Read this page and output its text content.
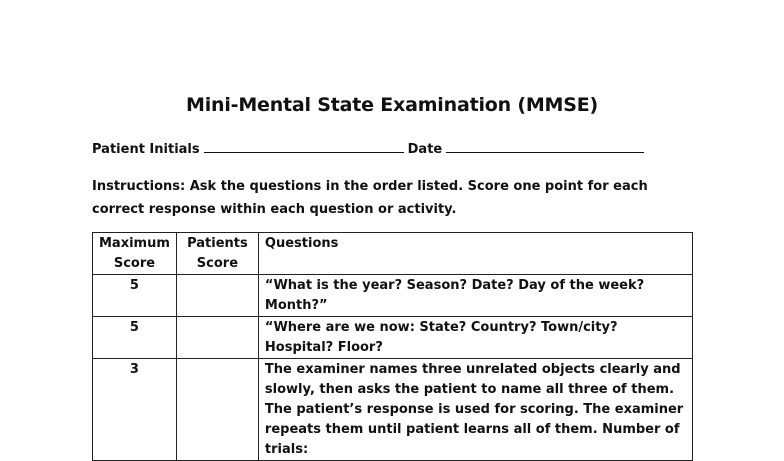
Mini-Mental State Examination (MMSE)
Patient Initials	Date
Instructions: Ask the questions in the order listed. Score one point for each correct response within each question or activity.
Maximum Score	Patients Score	Questions
5		“What is the year? Season? Date? Day of the week? Month?”
5		“Where are we now: State? Country? Town/city? Hospital? Floor?
3		The examiner names three unrelated objects clearly and slowly, then asks the patient to name all three of them. The patient’s response is used for scoring. The examiner repeats them until patient learns all of them. Number of trials:
